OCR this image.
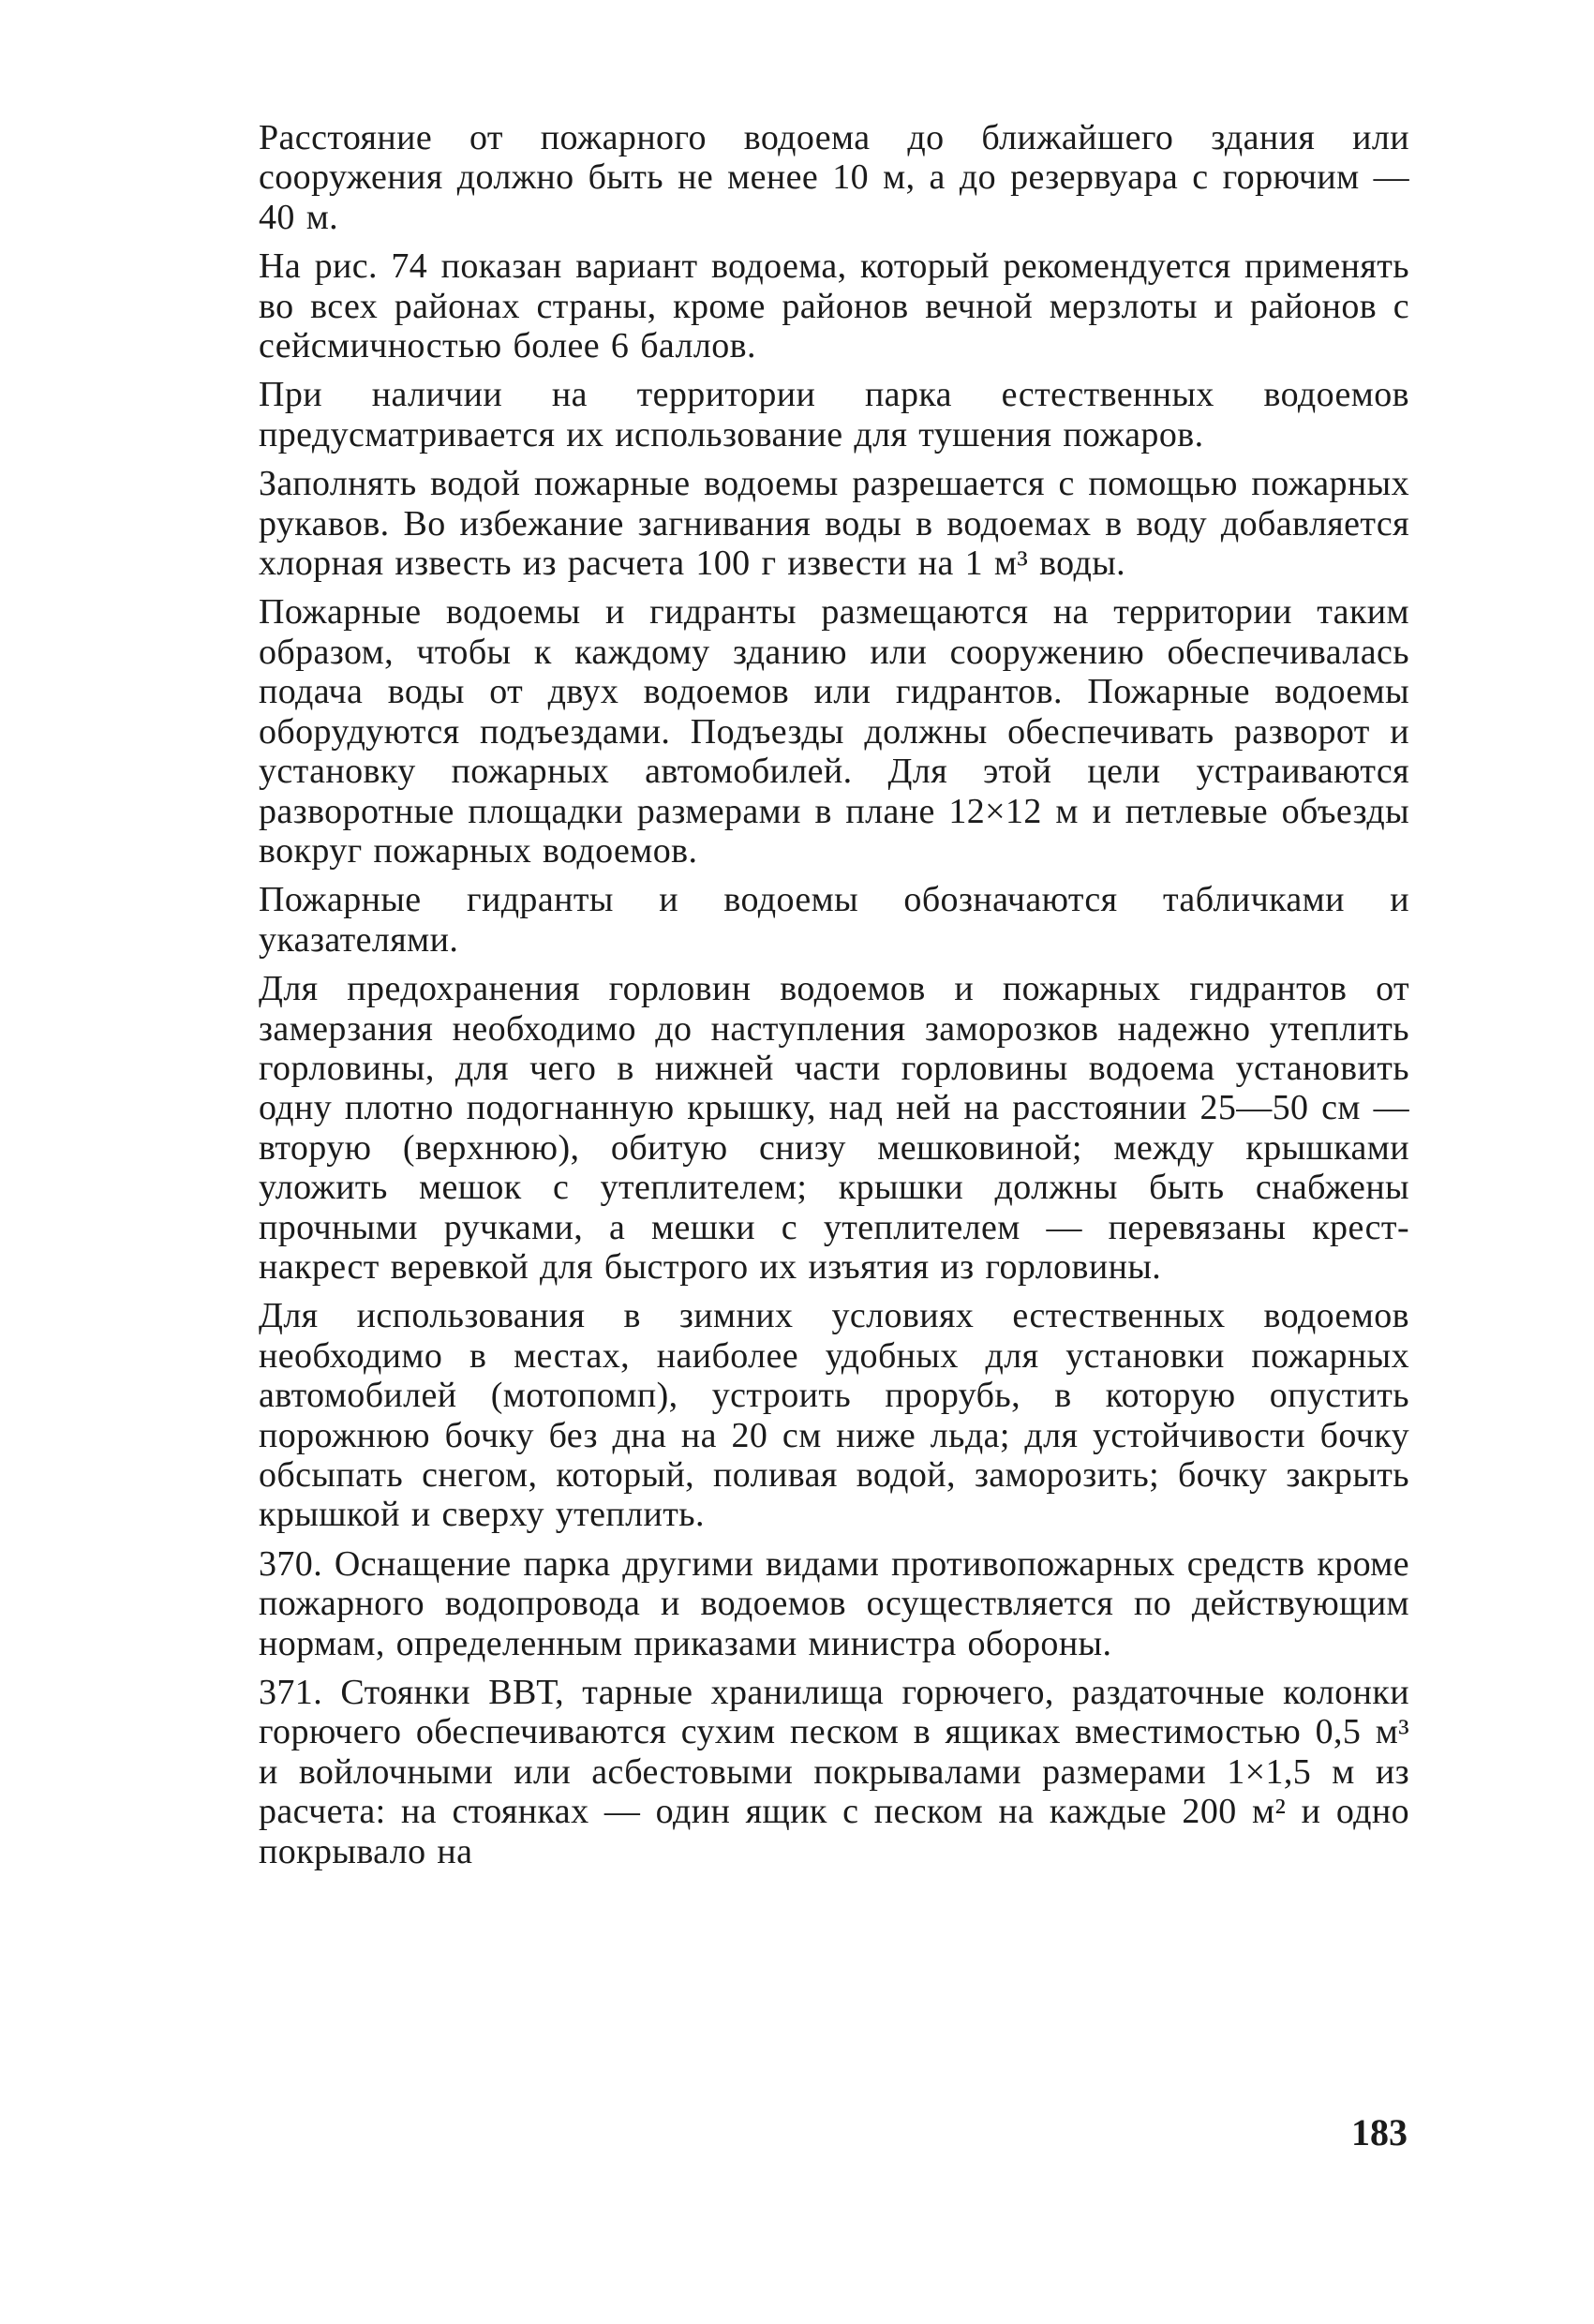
Расстояние от пожарного водоема до ближайшего здания или сооружения должно быть не менее 10 м, а до резервуара с горючим — 40 м.

На рис. 74 показан вариант водоема, который рекомендуется применять во всех районах страны, кроме районов вечной мерзлоты и районов с сейсмичностью более 6 баллов.

При наличии на территории парка естественных водоемов предусматривается их использование для тушения пожаров.

Заполнять водой пожарные водоемы разрешается с помощью пожарных рукавов. Во избежание загнивания воды в водоемах в воду добавляется хлорная известь из расчета 100 г извести на 1 м³ воды.

Пожарные водоемы и гидранты размещаются на территории таким образом, чтобы к каждому зданию или сооружению обеспечивалась подача воды от двух водоемов или гидрантов. Пожарные водоемы оборудуются подъездами. Подъезды должны обеспечивать разворот и установку пожарных автомобилей. Для этой цели устраиваются разворотные площадки размерами в плане 12×12 м и петлевые объезды вокруг пожарных водоемов.

Пожарные гидранты и водоемы обозначаются табличками и указателями.

Для предохранения горловин водоемов и пожарных гидрантов от замерзания необходимо до наступления заморозков надежно утеплить горловины, для чего в нижней части горловины водоема установить одну плотно подогнанную крышку, над ней на расстоянии 25—50 см — вторую (верхнюю), обитую снизу мешковиной; между крышками уложить мешок с утеплителем; крышки должны быть снабжены прочными ручками, а мешки с утеплителем — перевязаны крест-накрест веревкой для быстрого их изъятия из горловины.

Для использования в зимних условиях естественных водоемов необходимо в местах, наиболее удобных для установки пожарных автомобилей (мотопомп), устроить прорубь, в которую опустить порожнюю бочку без дна на 20 см ниже льда; для устойчивости бочку обсыпать снегом, который, поливая водой, заморозить; бочку закрыть крышкой и сверху утеплить.

370. Оснащение парка другими видами противопожарных средств кроме пожарного водопровода и водоемов осуществляется по действующим нормам, определенным приказами министра обороны.

371. Стоянки ВВТ, тарные хранилища горючего, раздаточные колонки горючего обеспечиваются сухим песком в ящиках вместимостью 0,5 м³ и войлочными или асбестовыми покрывалами размерами 1×1,5 м из расчета: на стоянках — один ящик с песком на каждые 200 м² и одно покрывало на

183
